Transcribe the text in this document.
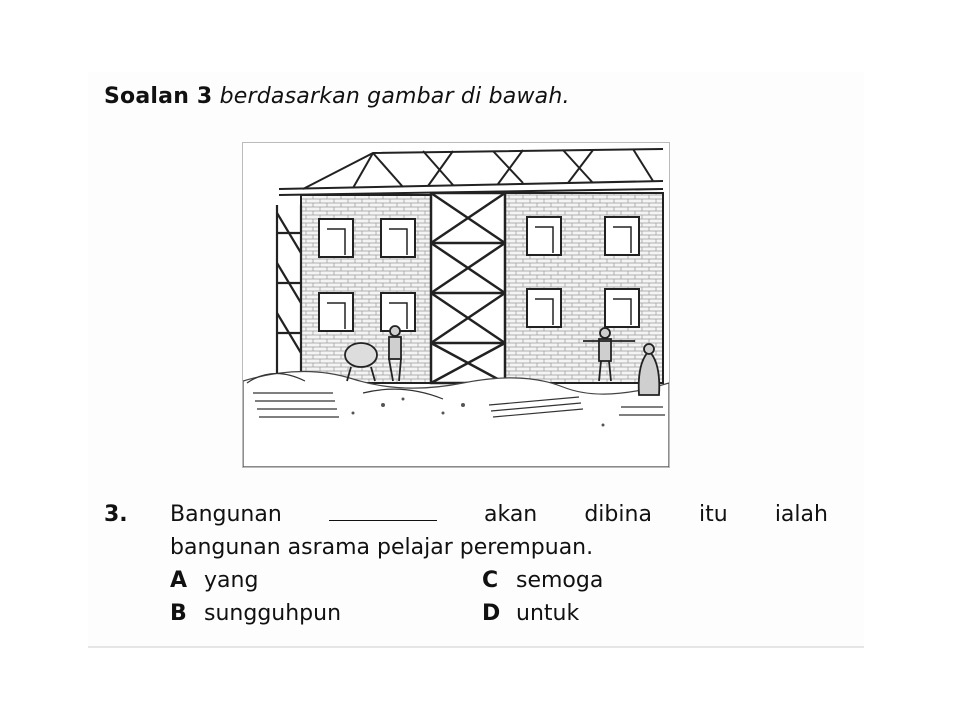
Soalan 3 berdasarkan gambar di bawah.
3. Bangunan	akan dibina itu ialah
bangunan asrama pelajar perempuan.
A yang
B sungguhpun
C semoga
D untuk
